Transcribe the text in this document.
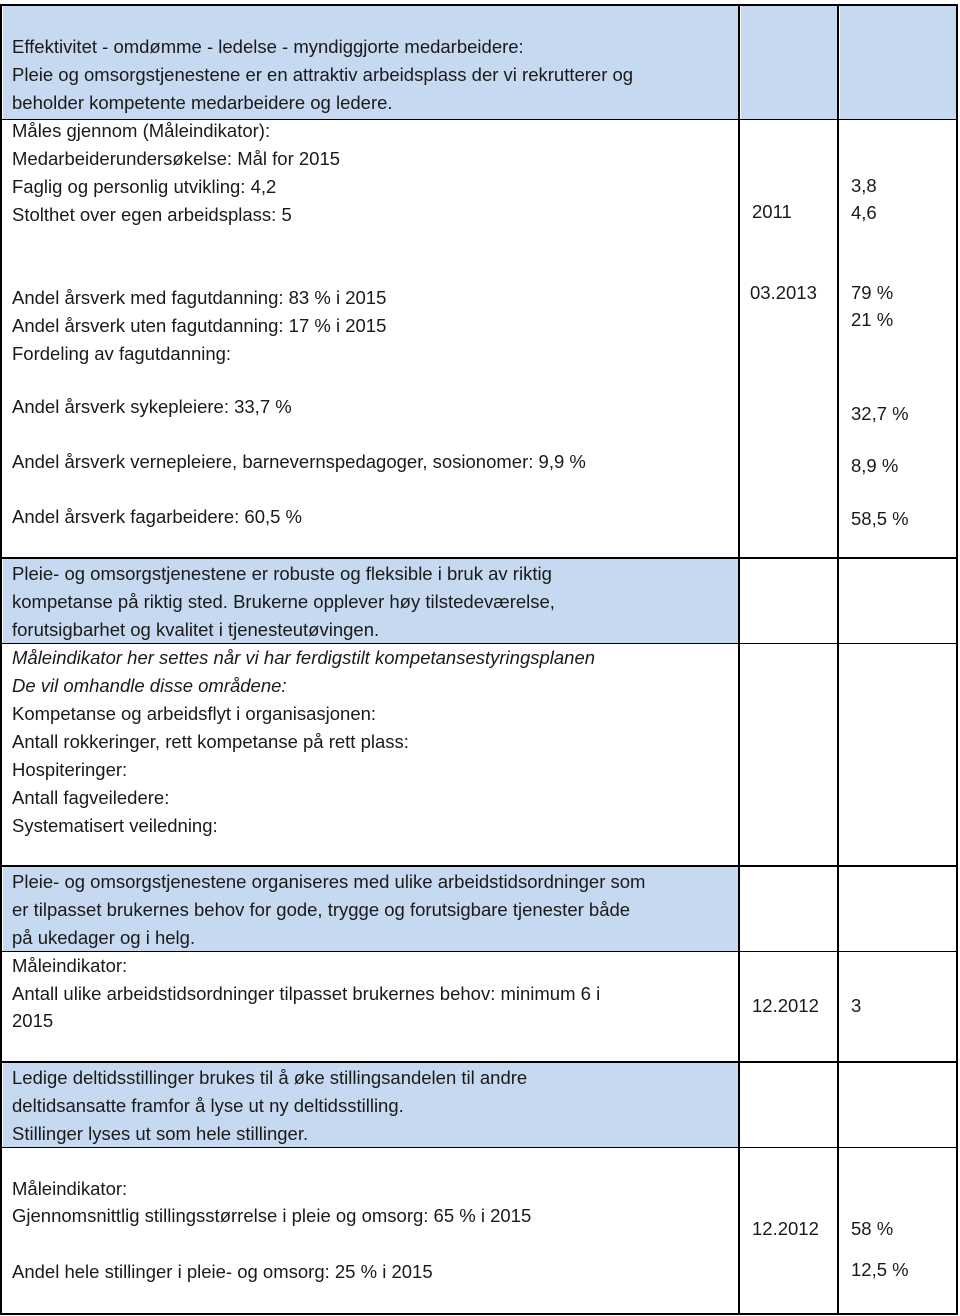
Effektivitet - omdømme - ledelse - myndiggjorte medarbeidere:
Pleie og omsorgstjenestene er en attraktiv arbeidsplass der vi rekrutterer og
beholder kompetente medarbeidere og ledere.
Måles gjennom (Måleindikator):
Medarbeiderundersøkelse: Mål for 2015
Faglig og personlig utvikling: 4,2
Stolthet over egen arbeidsplass: 5	2011
3,8
4,6
Andel årsverk med fagutdanning: 83 % i 2015
Andel årsverk uten fagutdanning: 17 % i 2015
Fordeling av fagutdanning:
Andel årsverk sykepleiere: 33,7 %
Andel årsverk vernepleiere, barnevernspedagoger, sosionomer: 9,9 %
Andel årsverk fagarbeidere: 60,5 %
03.2013 79 %
21 %
32,7 %
8,9 %
58,5 %
Pleie- og omsorgstjenestene er robuste og fleksible i bruk av riktig
kompetanse på riktig sted. Brukerne opplever høy tilstedeværelse,
forutsigbarhet og kvalitet i tjenesteutøvingen.
Måleindikator her settes når vi har ferdigstilt kompetansestyringsplanen
De vil omhandle disse områdene:
Kompetanse og arbeidsflyt i organisasjonen:
Antall rokkeringer, rett kompetanse på rett plass:
Hospiteringer:
Antall fagveiledere:
Systematisert veiledning:
Pleie- og omsorgstjenestene organiseres med ulike arbeidstidsordninger som
er tilpasset brukernes behov for gode, trygge og forutsigbare tjenester både
på ukedager og i helg.
Måleindikator:
Antall ulike arbeidstidsordninger tilpasset brukernes behov: minimum 6 i
2015
12.2012 3
Ledige deltidsstillinger brukes til å øke stillingsandelen til andre
deltidsansatte framfor å lyse ut ny deltidsstilling.
Stillinger lyses ut som hele stillinger.
Måleindikator:
Gjennomsnittlig stillingsstørrelse i pleie og omsorg: 65 % i 2015
Andel hele stillinger i pleie- og omsorg: 25 % i 2015
12.2012 58 %
12,5 %
